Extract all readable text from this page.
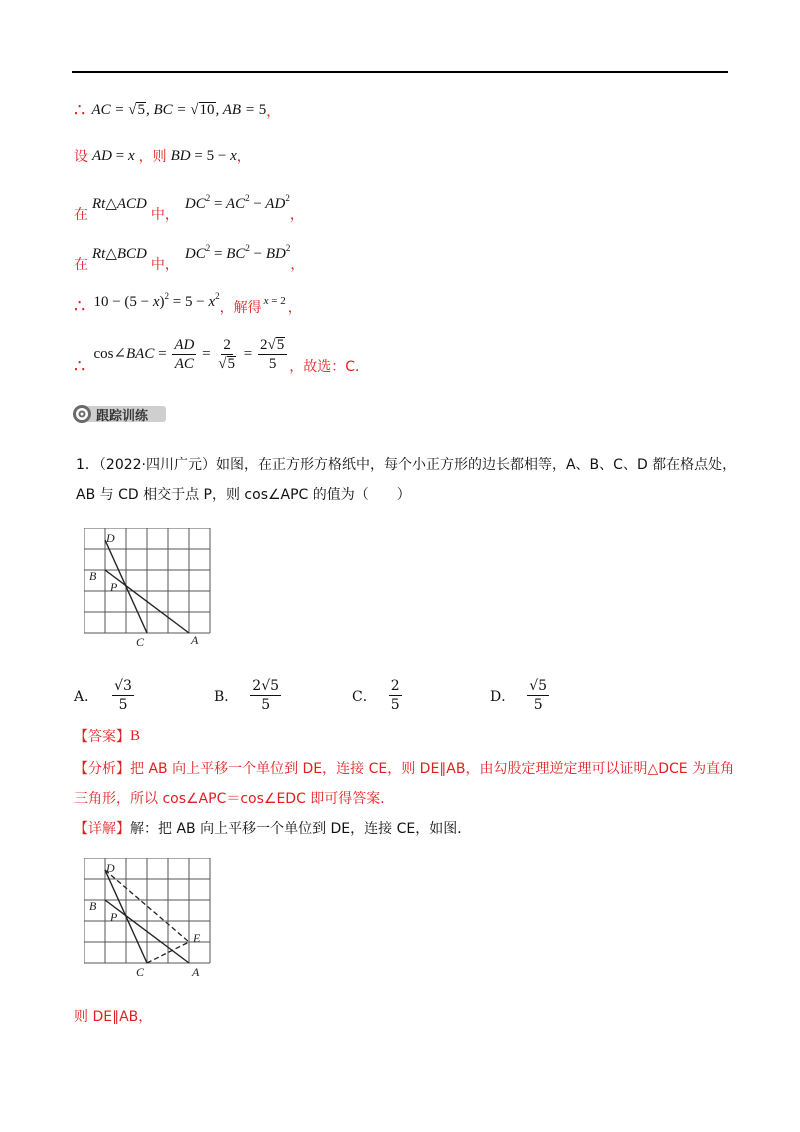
∴ AC = √ 5 , BC = √ 10 , AB = 5 ，
设 AD = x ，则 BD = 5 − x ，
在
Rt△ACD
中，
$DC^2 = AC^2 - AD^2$
，
在
Rt△BCD
中，
$DC^2 = BC^2 - BD^2$
，
∴ $10 - (5 - x)^2 = 5 - x^2$
，解得 x = 2 ，
∴
cos∠BAC = $\frac{AD}{AC} = \frac{2}{√ 5} = \frac{2 √ 5}{5}$ ，故选：C．
跟踪训练
1．（2022·四川广元）如图，在正方形方格纸中，每个小正方形的边长都相等，A、B、C、D 都在格点处，
AB 与 CD 相交于点 P，则 cos∠APC 的值为（　　）
D
B
P
C	A
A． $\frac{√3}{5}$	B． $\frac{2√5}{5}$	C． $\frac{2}{5}$	D． $\frac{√5}{5}$
【答案】 B
【分析】把 AB 向上平移一个单位到 DE，连接 CE，则 DE∥AB，由勾股定理逆定理可以证明△DCE 为直角
三角形，所以 cos∠APC＝cos∠EDC 即可得答案．
【详解】解：把 AB 向上平移一个单位到 DE，连接 CE，如图．
D
B
P
C	A
E
则 DE∥AB，
